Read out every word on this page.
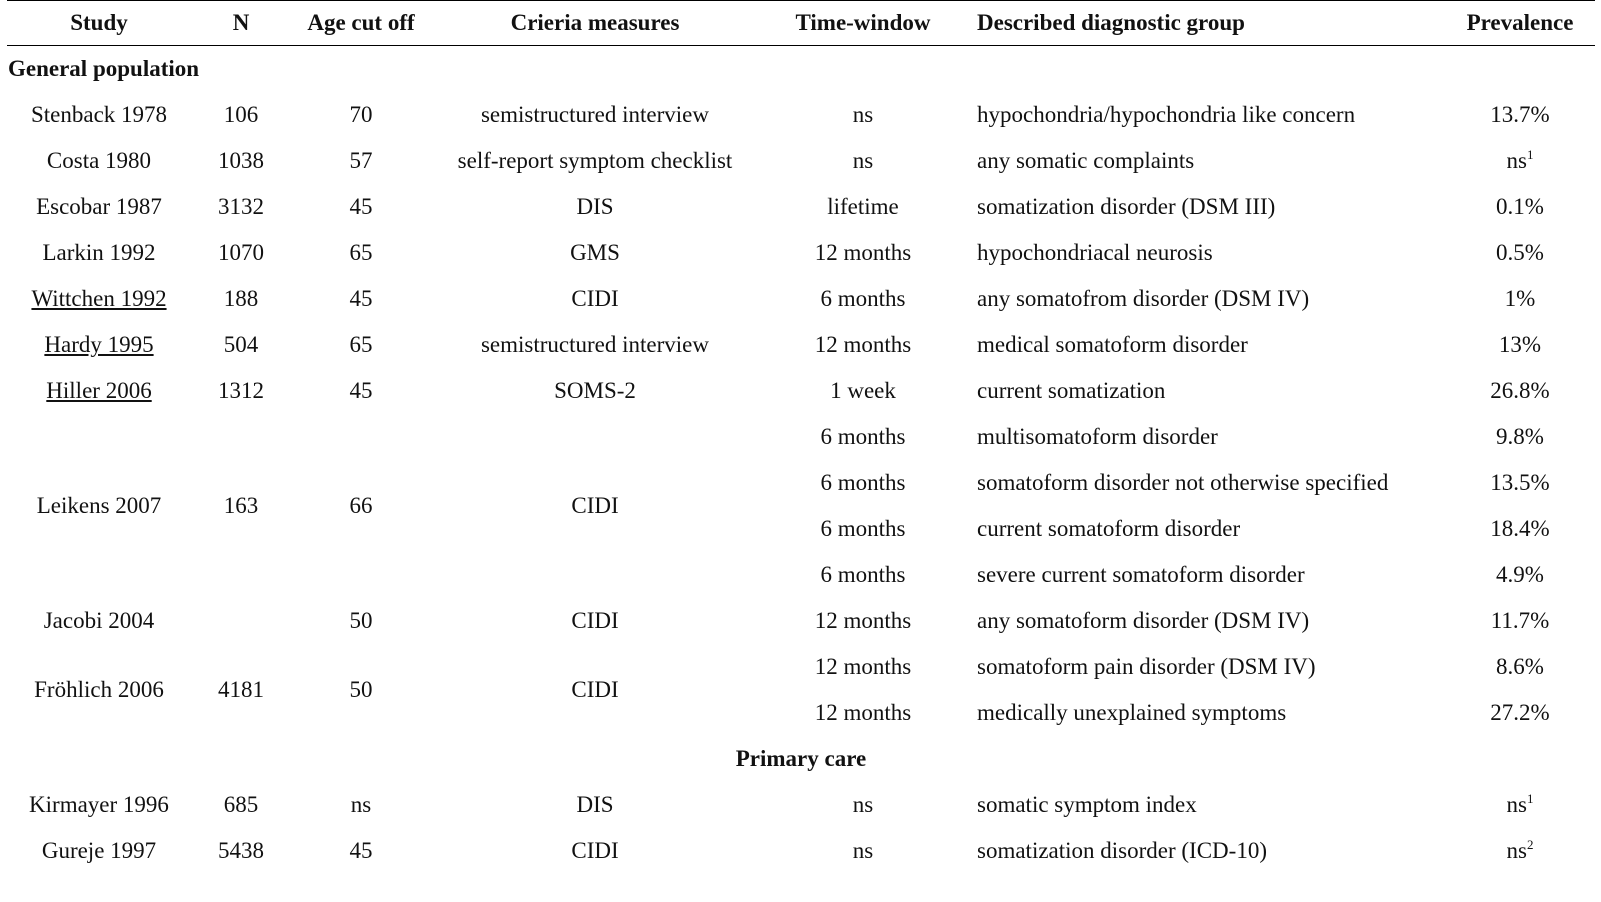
Study	N	Age cut off	Crieria measures	Time-window	Described diagnostic group	Prevalence
General population						
Stenback 1978	106	70	semistructured interview	ns	hypochondria/hypochondria like concern	13.7%
Costa 1980	1038	57	self-report symptom checklist	ns	any somatic complaints	$ns^1$
Escobar 1987	3132	45	DIS	lifetime	somatization disorder (DSM III)	0.1%
Larkin 1992	1070	65	GMS	12 months	hypochondriacal neurosis	0.5%
Wittchen 1992	188	45	CIDI	6 months	any somatofrom disorder (DSM IV)	1%
Hardy 1995	504	65	semistructured interview	12 months	medical somatoform disorder	13%
Hiller 2006	1312	45	SOMS-2	1 week	current somatization	26.8%
Leikens 2007	163	66	CIDI	6 months	multisomatoform disorder	9.8%
				6 months	somatoform disorder not otherwise specified	13.5%
				6 months	current somatoform disorder	18.4%
				6 months	severe current somatoform disorder	4.9%
Jacobi 2004		50	CIDI	12 months	any somatoform disorder (DSM IV)	11.7%
Fröhlich 2006	4181	50	CIDI	12 months	somatoform pain disorder (DSM IV)	8.6%
				12 months	medically unexplained symptoms	27.2%
Primary care						
Kirmayer 1996	685	ns	DIS	ns	somatic symptom index	$ns^1$
Gureje 1997	5438	45	CIDI	ns	somatization disorder (ICD-10)	$ns^2$
